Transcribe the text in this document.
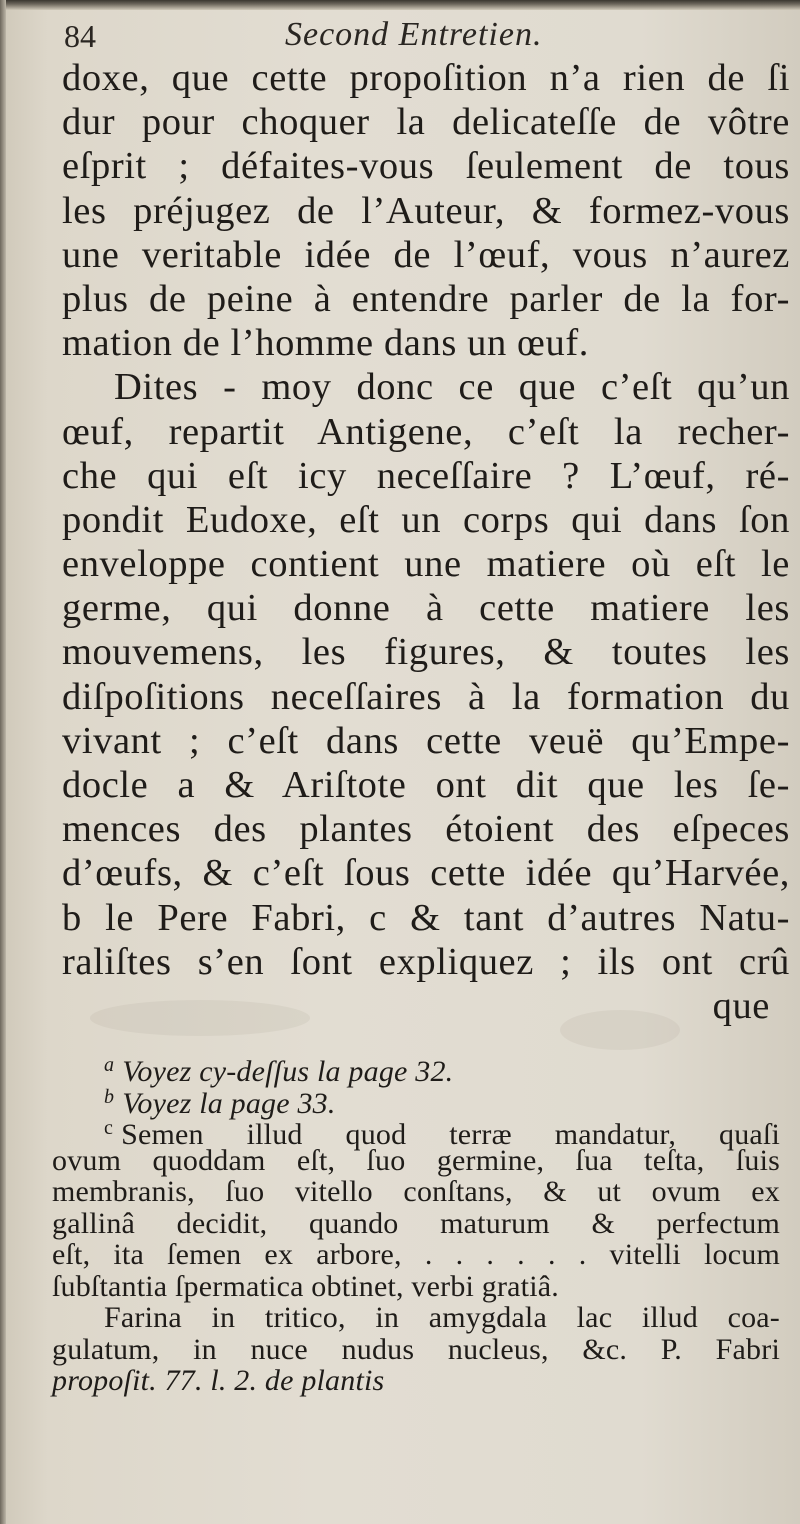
84	Second Entretien.
doxe, que cette propoſition n’a rien de ſi
dur pour choquer la delicateſſe de vôtre
eſprit ; défaites-vous ſeulement de tous
les préjugez de l’Auteur, & formez-vous
une veritable idée de l’œuf, vous n’aurez
plus de peine à entendre parler de la for-
mation de l’homme dans un œuf.
Dites - moy donc ce que c’eſt qu’un
œuf, repartit Antigene, c’eſt la recher-
che qui eſt icy neceſſaire ? L’œuf, ré-
pondit Eudoxe, eſt un corps qui dans ſon
enveloppe contient une matiere où eſt le
germe, qui donne à cette matiere les
mouvemens, les figures, & toutes les
diſpoſitions neceſſaires à la formation du
vivant ; c’eſt dans cette veuë qu’Empe-
docle a & Ariſtote ont dit que les ſe-
mences des plantes étoient des eſpeces
d’œufs, & c’eſt ſous cette idée qu’Harvée,
b le Pere Fabri, c & tant d’autres Natu-
raliſtes s’en ſont expliquez ; ils ont crû
que
$^a$ Voyez cy-deſſus la page 32.
$^b$ Voyez la page 33.
$^c$ Semen illud quod terræ mandatur, quaſi
ovum quoddam eſt, ſuo germine, ſua teſta, ſuis
membranis, ſuo vitello conſtans, & ut ovum ex
gallinâ decidit, quando maturum & perfectum
eſt, ita ſemen ex arbore, . . . . . . vitelli locum
ſubſtantia ſpermatica obtinet, verbi gratiâ.
Farina in tritico, in amygdala lac illud coa-
gulatum, in nuce nudus nucleus, &c. P. Fabri
propoſit. 77. l. 2. de plantis
